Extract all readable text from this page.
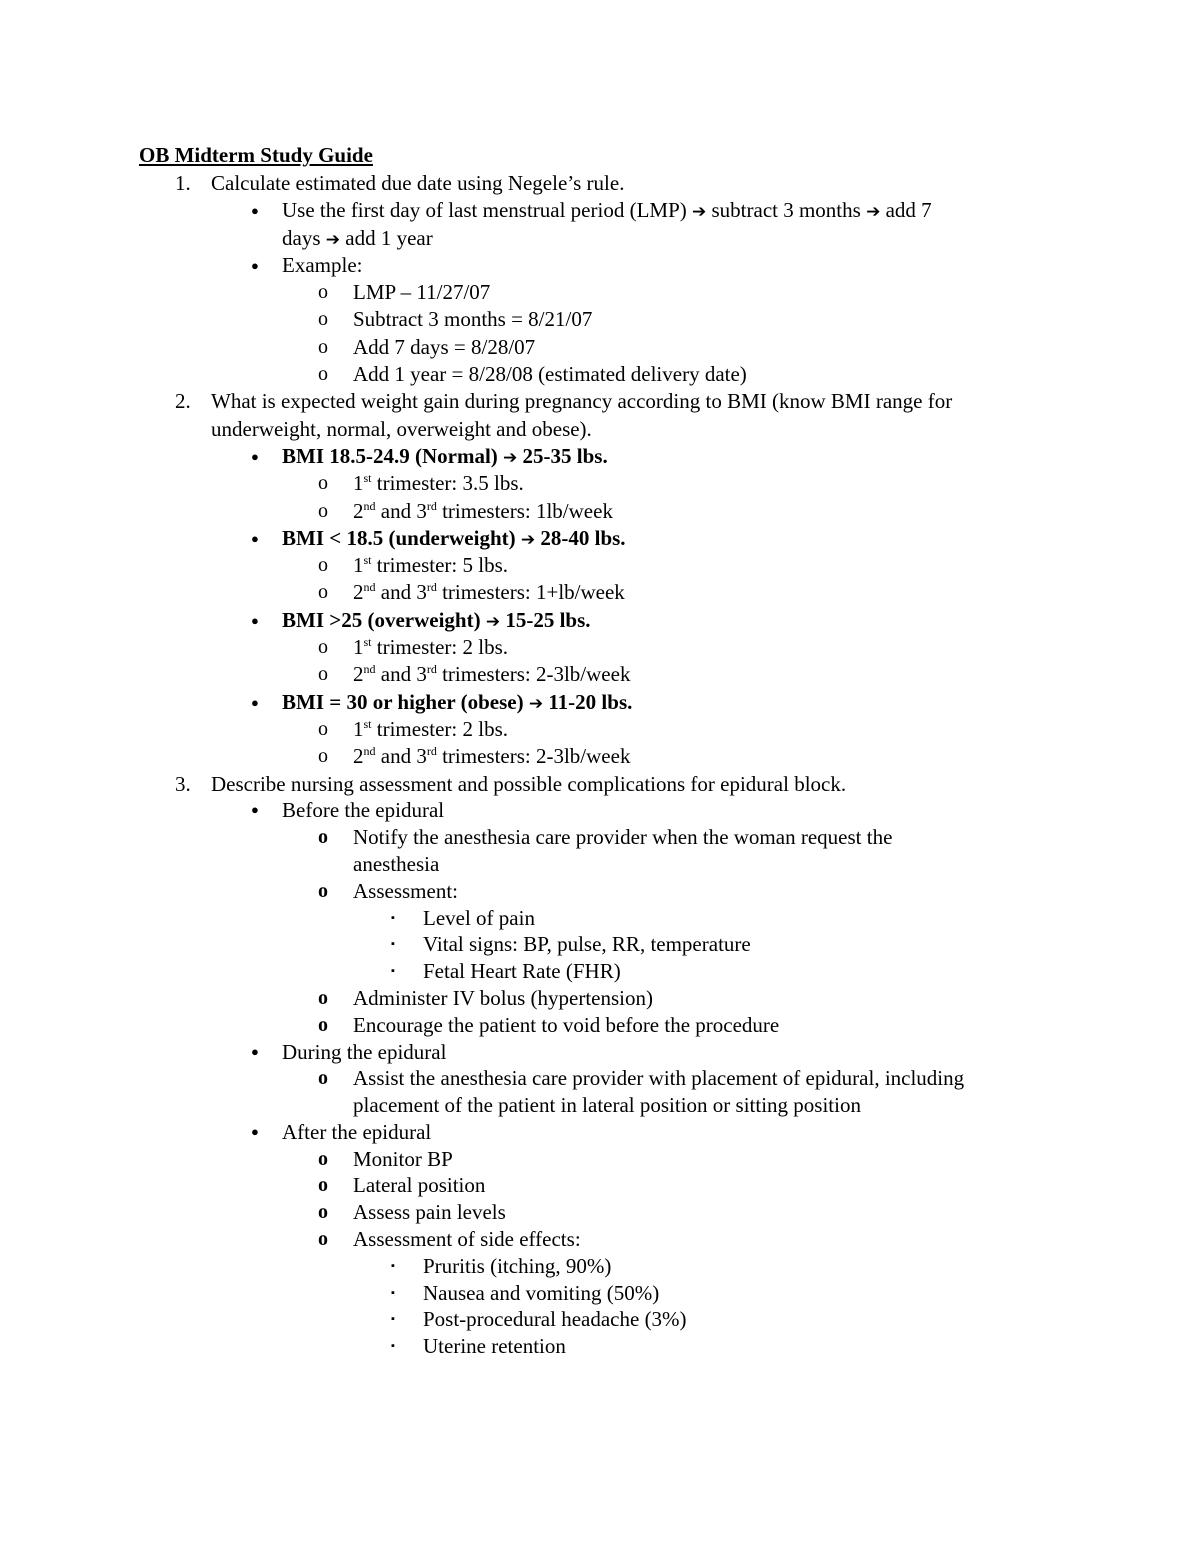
OB Midterm Study Guide
1. Calculate estimated due date using Negele’s rule.
● Use the first day of last menstrual period (LMP) ➔ subtract 3 months ➔ add 7
days ➔ add 1 year
● Example:
o LMP – 11/27/07
o Subtract 3 months = 8/21/07
o Add 7 days = 8/28/07
o Add 1 year = 8/28/08 (estimated delivery date)
2. What is expected weight gain during pregnancy according to BMI (know BMI range for
underweight, normal, overweight and obese).
● BMI 18.5-24.9 (Normal) ➔ 25-35 lbs.
o 1st trimester: 3.5 lbs.
o 2nd and 3rd trimesters: 1lb/week
● BMI < 18.5 (underweight) ➔ 28-40 lbs.
o 1st trimester: 5 lbs.
o 2nd and 3rd trimesters: 1+lb/week
● BMI >25 (overweight) ➔ 15-25 lbs.
o 1st trimester: 2 lbs.
o 2nd and 3rd trimesters: 2-3lb/week
● BMI = 30 or higher (obese) ➔ 11-20 lbs.
o 1st trimester: 2 lbs.
o 2nd and 3rd trimesters: 2-3lb/week
3. Describe nursing assessment and possible complications for epidural block.
● Before the epidural
o Notify the anesthesia care provider when the woman request the
anesthesia
o Assessment:
▪ Level of pain
▪ Vital signs: BP, pulse, RR, temperature
▪ Fetal Heart Rate (FHR)
o Administer IV bolus (hypertension)
o Encourage the patient to void before the procedure
● During the epidural
o Assist the anesthesia care provider with placement of epidural, including
placement of the patient in lateral position or sitting position
● After the epidural
o Monitor BP
o Lateral position
o Assess pain levels
o Assessment of side effects:
▪ Pruritis (itching, 90%)
▪ Nausea and vomiting (50%)
▪ Post-procedural headache (3%)
▪ Uterine retention
